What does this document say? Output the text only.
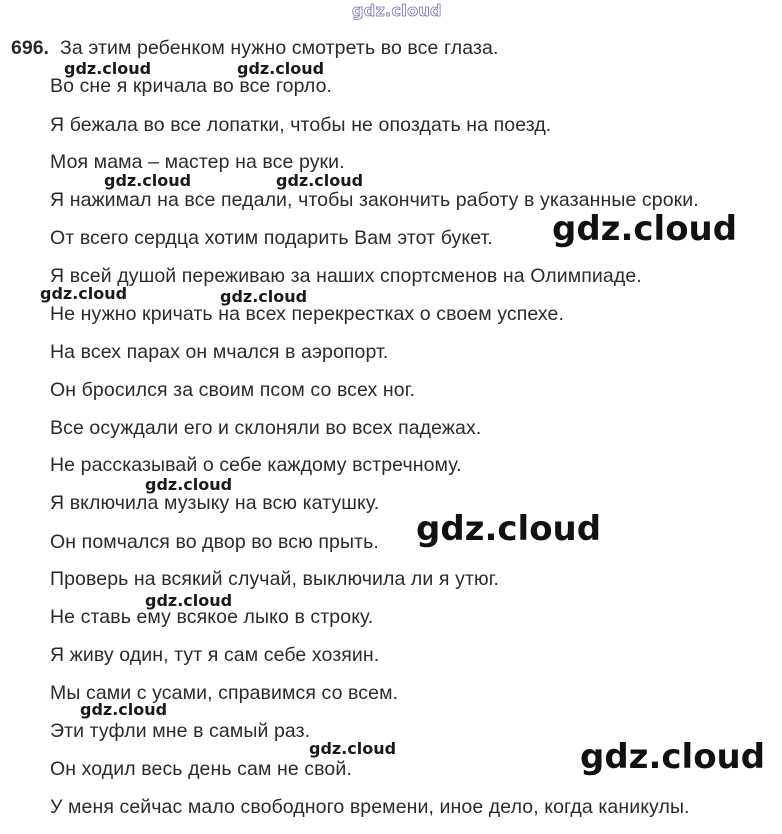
gdz.cloud
696. За этим ребенком нужно смотреть во все глаза.
Во сне я кричала во все горло.
Я бежала во все лопатки, чтобы не опоздать на поезд.
Моя мама – мастер на все руки.
Я нажимал на все педали, чтобы закончить работу в указанные сроки.
От всего сердца хотим подарить Вам этот букет.
Я всей душой переживаю за наших спортсменов на Олимпиаде.
Не нужно кричать на всех перекрестках о своем успехе.
На всех парах он мчался в аэропорт.
Он бросился за своим псом со всех ног.
Все осуждали его и склоняли во всех падежах.
Не рассказывай о себе каждому встречному.
Я включила музыку на всю катушку.
Он помчался во двор во всю прыть.
Проверь на всякий случай, выключила ли я утюг.
Не ставь ему всякое лыко в строку.
Я живу один, тут я сам себе хозяин.
Мы сами с усами, справимся со всем.
Эти туфли мне в самый раз.
Он ходил весь день сам не свой.
У меня сейчас мало свободного времени, иное дело, когда каникулы.
gdz.cloud	gdz.cloud
gdz.cloud	gdz.cloud
gdz.cloud
gdz.cloud	gdz.cloud
gdz.cloud
gdz.cloud
gdz.cloud
gdz.cloud
gdz.cloud	gdz.cloud
